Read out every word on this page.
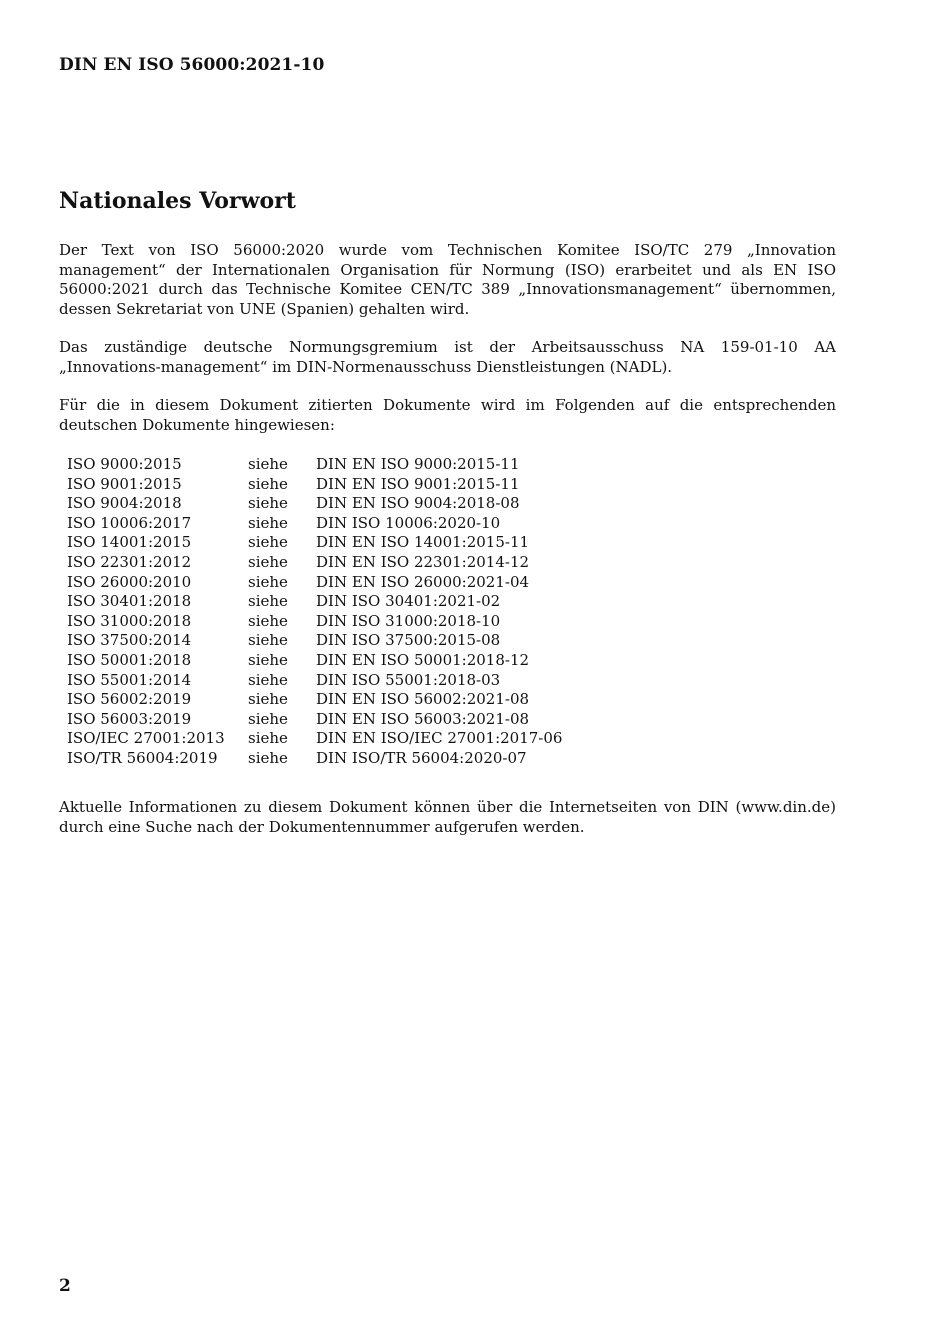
DIN EN ISO 56000:2021-10
Nationales Vorwort

Der Text von ISO 56000:2020 wurde vom Technischen Komitee ISO/TC 279 „Innovation management“ der Internationalen Organisation für Normung (ISO) erarbeitet und als EN ISO 56000:2021 durch das Technische Komitee CEN/TC 389 „Innovationsmanagement“ übernommen, dessen Sekretariat von UNE (Spanien) gehalten wird.

Das zuständige deutsche Normungsgremium ist der Arbeitsausschuss NA 159-01-10 AA „Innovations-management“ im DIN-Normenausschuss Dienstleistungen (NADL).

Für die in diesem Dokument zitierten Dokumente wird im Folgenden auf die entsprechenden deutschen Dokumente hingewiesen:

ISO 9000:2015	siehe	DIN EN ISO 9000:2015-11
ISO 9001:2015	siehe	DIN EN ISO 9001:2015-11
ISO 9004:2018	siehe	DIN EN ISO 9004:2018-08
ISO 10006:2017	siehe	DIN ISO 10006:2020-10
ISO 14001:2015	siehe	DIN EN ISO 14001:2015-11
ISO 22301:2012	siehe	DIN EN ISO 22301:2014-12
ISO 26000:2010	siehe	DIN EN ISO 26000:2021-04
ISO 30401:2018	siehe	DIN ISO 30401:2021-02
ISO 31000:2018	siehe	DIN ISO 31000:2018-10
ISO 37500:2014	siehe	DIN ISO 37500:2015-08
ISO 50001:2018	siehe	DIN EN ISO 50001:2018-12
ISO 55001:2014	siehe	DIN ISO 55001:2018-03
ISO 56002:2019	siehe	DIN EN ISO 56002:2021-08
ISO 56003:2019	siehe	DIN EN ISO 56003:2021-08
ISO/IEC 27001:2013	siehe	DIN EN ISO/IEC 27001:2017-06
ISO/TR 56004:2019	siehe	DIN ISO/TR 56004:2020-07

Aktuelle Informationen zu diesem Dokument können über die Internetseiten von DIN (www.din.de) durch eine Suche nach der Dokumentennummer aufgerufen werden.

2
